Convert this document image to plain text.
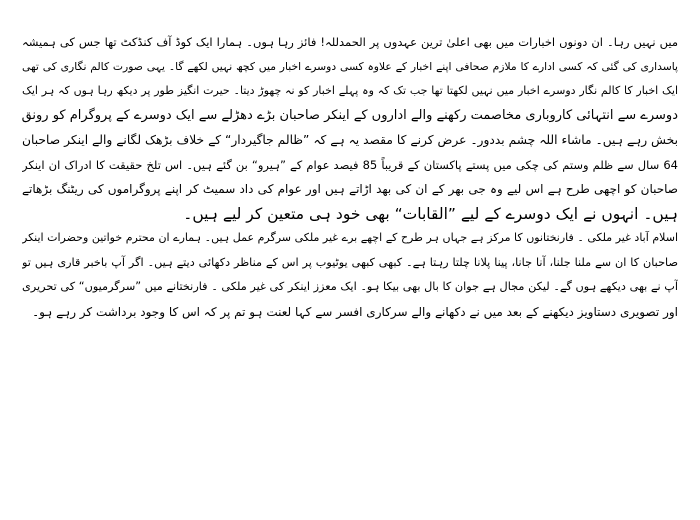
میں نہیں رہا۔ ان دونوں اخبارات میں بھی اعلیٰ ترین عہدوں پر الحمدللہ! فائز رہا ہوں۔ ہمارا ایک کوڈ آف کنڈکٹ تھا جس کی ہمیشہ
پاسداری کی گئی کہ کسی ادارے کا ملازم صحافی اپنے اخبار کے علاوہ کسی دوسرے اخبار میں کچھ نہیں لکھے گا۔ یہی صورت کالم نگاری کی تھی
ایک اخبار کا کالم نگار دوسرے اخبار میں نہیں لکھتا تھا جب تک کہ وہ پہلے اخبار کو نہ چھوڑ دیتا۔ حیرت انگیز طور پر دیکھ رہا ہوں کہ ہر ایک
دوسرے سے انتہائی کاروباری مخاصمت رکھنے والے اداروں کے اینکر صاحبان بڑے دھڑلے سے ایک دوسرے کے پروگرام کو رونق
بخش رہے ہیں۔ ماشاء اللہ چشم بددور۔ عرض کرنے کا مقصد یہ ہے کہ ”ظالم جاگیردار“ کے خلاف بڑھک لگانے والے اینکر صاحبان
64 سال سے ظلم وستم کی چکی میں پستے پاکستان کے قریباً 85 فیصد عوام کے ”ہیرو“ بن گئے ہیں۔ اس تلخ حقیقت کا ادراک ان اینکر
صاحبان کو اچھی طرح ہے اس لیے وہ جی بھر کے ان کی بھد اڑاتے ہیں اور عوام کی داد سمیٹ کر اپنے پروگراموں کی ریٹنگ بڑھاتے
ہیں۔ انہوں نے ایک دوسرے کے لیے ”القابات“ بھی خود ہی متعین کر لیے ہیں۔
اسلام آباد غیر ملکی ۔ فارنختانوں کا مرکز ہے جہاں ہر طرح کے اچھے برے غیر ملکی سرگرم عمل ہیں۔ ہمارے ان محترم خواتین وحضرات اینکر
صاحبان کا ان سے ملنا جلنا، آنا جانا، پینا پلانا چلتا رہتا ہے۔ کبھی کبھی یوٹیوب پر اس کے مناظر دکھائی دیتے ہیں۔ اگر آپ باخبر قاری ہیں تو
آپ نے بھی دیکھے ہوں گے۔ لیکن مجال ہے جوان کا بال بھی بیکا ہو۔ ایک معزز اینکر کی غیر ملکی ۔ فارنختانے میں ”سرگرمیوں“ کی تحریری
اور تصویری دستاویز دیکھنے کے بعد میں نے دکھانے والے سرکاری افسر سے کہا لعنت ہو تم پر کہ اس کا وجود برداشت کر رہے ہو۔
